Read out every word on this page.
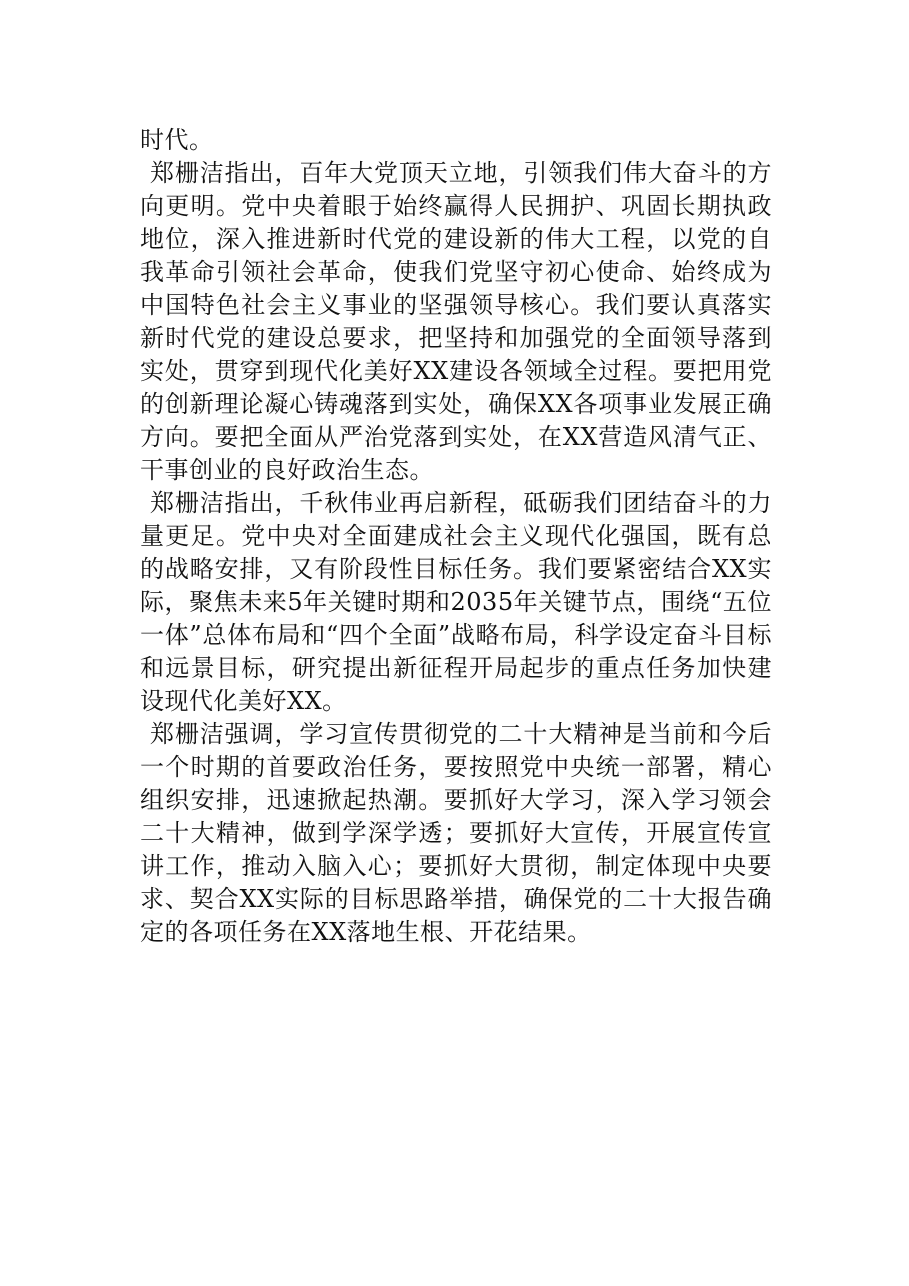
时代。

郑栅洁指出，百年大党顶天立地，引领我们伟大奋斗的方向更明。党中央着眼于始终赢得人民拥护、巩固长期执政地位，深入推进新时代党的建设新的伟大工程，以党的自我革命引领社会革命，使我们党坚守初心使命、始终成为中国特色社会主义事业的坚强领导核心。我们要认真落实新时代党的建设总要求，把坚持和加强党的全面领导落到实处，贯穿到现代化美好XX建设各领域全过程。要把用党的创新理论凝心铸魂落到实处，确保XX各项事业发展正确方向。要把全面从严治党落到实处，在XX营造风清气正、干事创业的良好政治生态。

郑栅洁指出，千秋伟业再启新程，砥砺我们团结奋斗的力量更足。党中央对全面建成社会主义现代化强国，既有总的战略安排，又有阶段性目标任务。我们要紧密结合XX实际，聚焦未来5年关键时期和2035年关键节点，围绕“五位一体”总体布局和“四个全面”战略布局，科学设定奋斗目标和远景目标，研究提出新征程开局起步的重点任务加快建设现代化美好XX。

郑栅洁强调，学习宣传贯彻党的二十大精神是当前和今后一个时期的首要政治任务，要按照党中央统一部署，精心组织安排，迅速掀起热潮。要抓好大学习，深入学习领会二十大精神，做到学深学透；要抓好大宣传，开展宣传宣讲工作，推动入脑入心；要抓好大贯彻，制定体现中央要求、契合XX实际的目标思路举措，确保党的二十大报告确定的各项任务在XX落地生根、开花结果。
